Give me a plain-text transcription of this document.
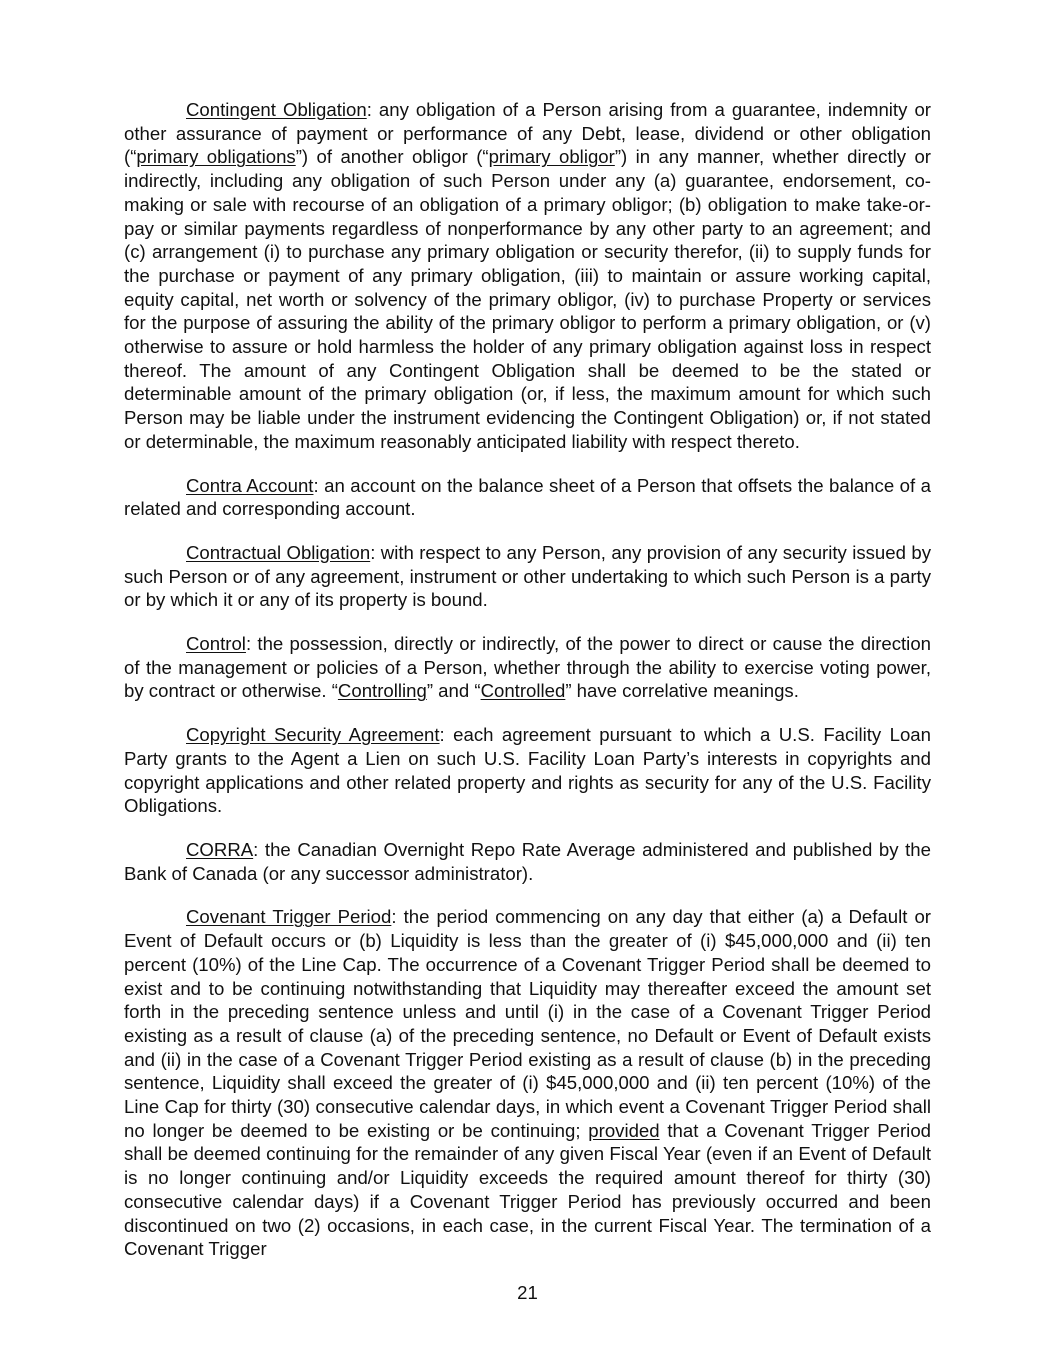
Contingent Obligation: any obligation of a Person arising from a guarantee, indemnity or other assurance of payment or performance of any Debt, lease, dividend or other obligation (“primary obligations”) of another obligor (“primary obligor”) in any manner, whether directly or indirectly, including any obligation of such Person under any (a) guarantee, endorsement, co-making or sale with recourse of an obligation of a primary obligor; (b) obligation to make take-or-pay or similar payments regardless of nonperformance by any other party to an agreement; and (c) arrangement (i) to purchase any primary obligation or security therefor, (ii) to supply funds for the purchase or payment of any primary obligation, (iii) to maintain or assure working capital, equity capital, net worth or solvency of the primary obligor, (iv) to purchase Property or services for the purpose of assuring the ability of the primary obligor to perform a primary obligation, or (v) otherwise to assure or hold harmless the holder of any primary obligation against loss in respect thereof. The amount of any Contingent Obligation shall be deemed to be the stated or determinable amount of the primary obligation (or, if less, the maximum amount for which such Person may be liable under the instrument evidencing the Contingent Obligation) or, if not stated or determinable, the maximum reasonably anticipated liability with respect thereto.

Contra Account: an account on the balance sheet of a Person that offsets the balance of a related and corresponding account.

Contractual Obligation: with respect to any Person, any provision of any security issued by such Person or of any agreement, instrument or other undertaking to which such Person is a party or by which it or any of its property is bound.

Control: the possession, directly or indirectly, of the power to direct or cause the direction of the management or policies of a Person, whether through the ability to exercise voting power, by contract or otherwise. “Controlling” and “Controlled” have correlative meanings.

Copyright Security Agreement: each agreement pursuant to which a U.S. Facility Loan Party grants to the Agent a Lien on such U.S. Facility Loan Party’s interests in copyrights and copyright applications and other related property and rights as security for any of the U.S. Facility Obligations.

CORRA: the Canadian Overnight Repo Rate Average administered and published by the Bank of Canada (or any successor administrator).

Covenant Trigger Period: the period commencing on any day that either (a) a Default or Event of Default occurs or (b) Liquidity is less than the greater of (i) $45,000,000 and (ii) ten percent (10%) of the Line Cap. The occurrence of a Covenant Trigger Period shall be deemed to exist and to be continuing notwithstanding that Liquidity may thereafter exceed the amount set forth in the preceding sentence unless and until (i) in the case of a Covenant Trigger Period existing as a result of clause (a) of the preceding sentence, no Default or Event of Default exists and (ii) in the case of a Covenant Trigger Period existing as a result of clause (b) in the preceding sentence, Liquidity shall exceed the greater of (i) $45,000,000 and (ii) ten percent (10%) of the Line Cap for thirty (30) consecutive calendar days, in which event a Covenant Trigger Period shall no longer be deemed to be existing or be continuing; provided that a Covenant Trigger Period shall be deemed continuing for the remainder of any given Fiscal Year (even if an Event of Default is no longer continuing and/or Liquidity exceeds the required amount thereof for thirty (30) consecutive calendar days) if a Covenant Trigger Period has previously occurred and been discontinued on two (2) occasions, in each case, in the current Fiscal Year. The termination of a Covenant Trigger

21
